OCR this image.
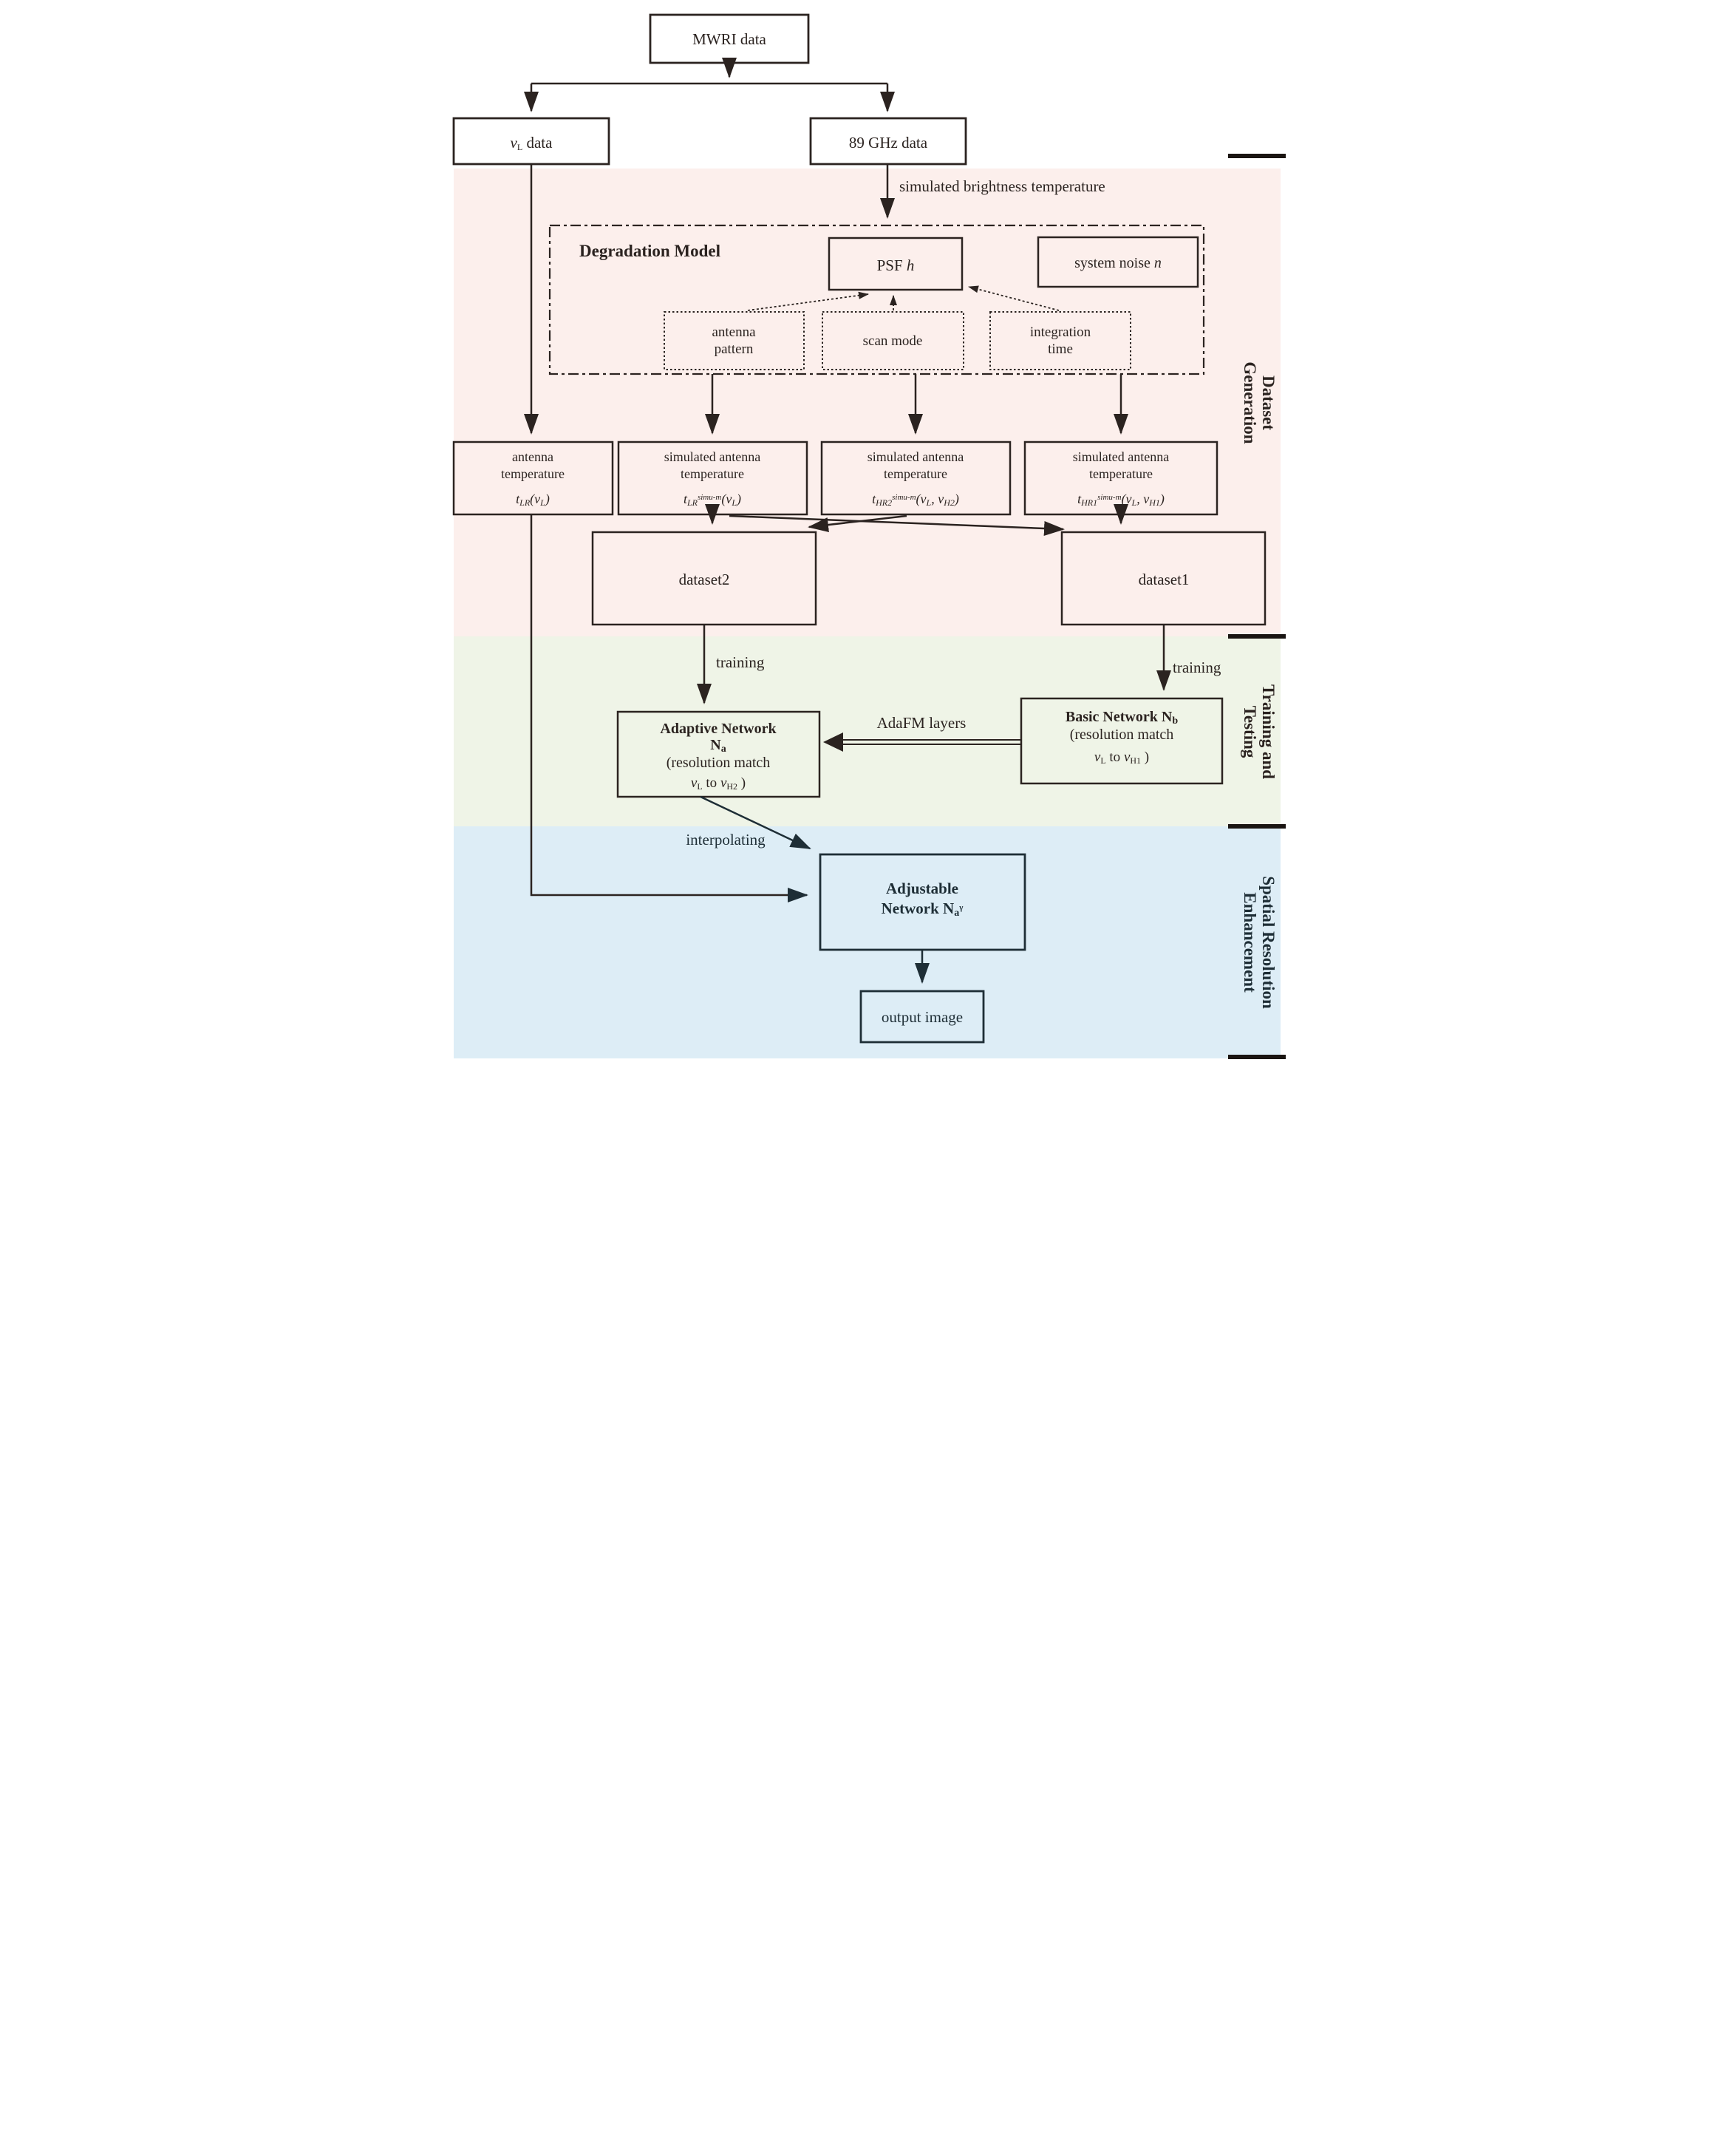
DatasetGeneration
Training andTesting
Spatial ResolutionEnhancement
MWRI data
vL data	89 GHz data
simulated brightness temperature
Degradation Model
PSF h	system noise n
antenna pattern
scan mode
integration time
antenna temperature
tLR(vL)
simulated antenna temperature
tLRsimu-m(vL)
simulated antenna temperature
tHR2simu-m(vL, vH2)
simulated antenna temperature
tHR1simu-m(vL, vH1)
dataset2	dataset1
training	training
Basic Network Nb
(resolution match
vL to vH1 )
AdaFM layers
Adaptive Network
Na
(resolution match
vL to vH2 )
interpolating
Adjustable
Network Naγ
output image
